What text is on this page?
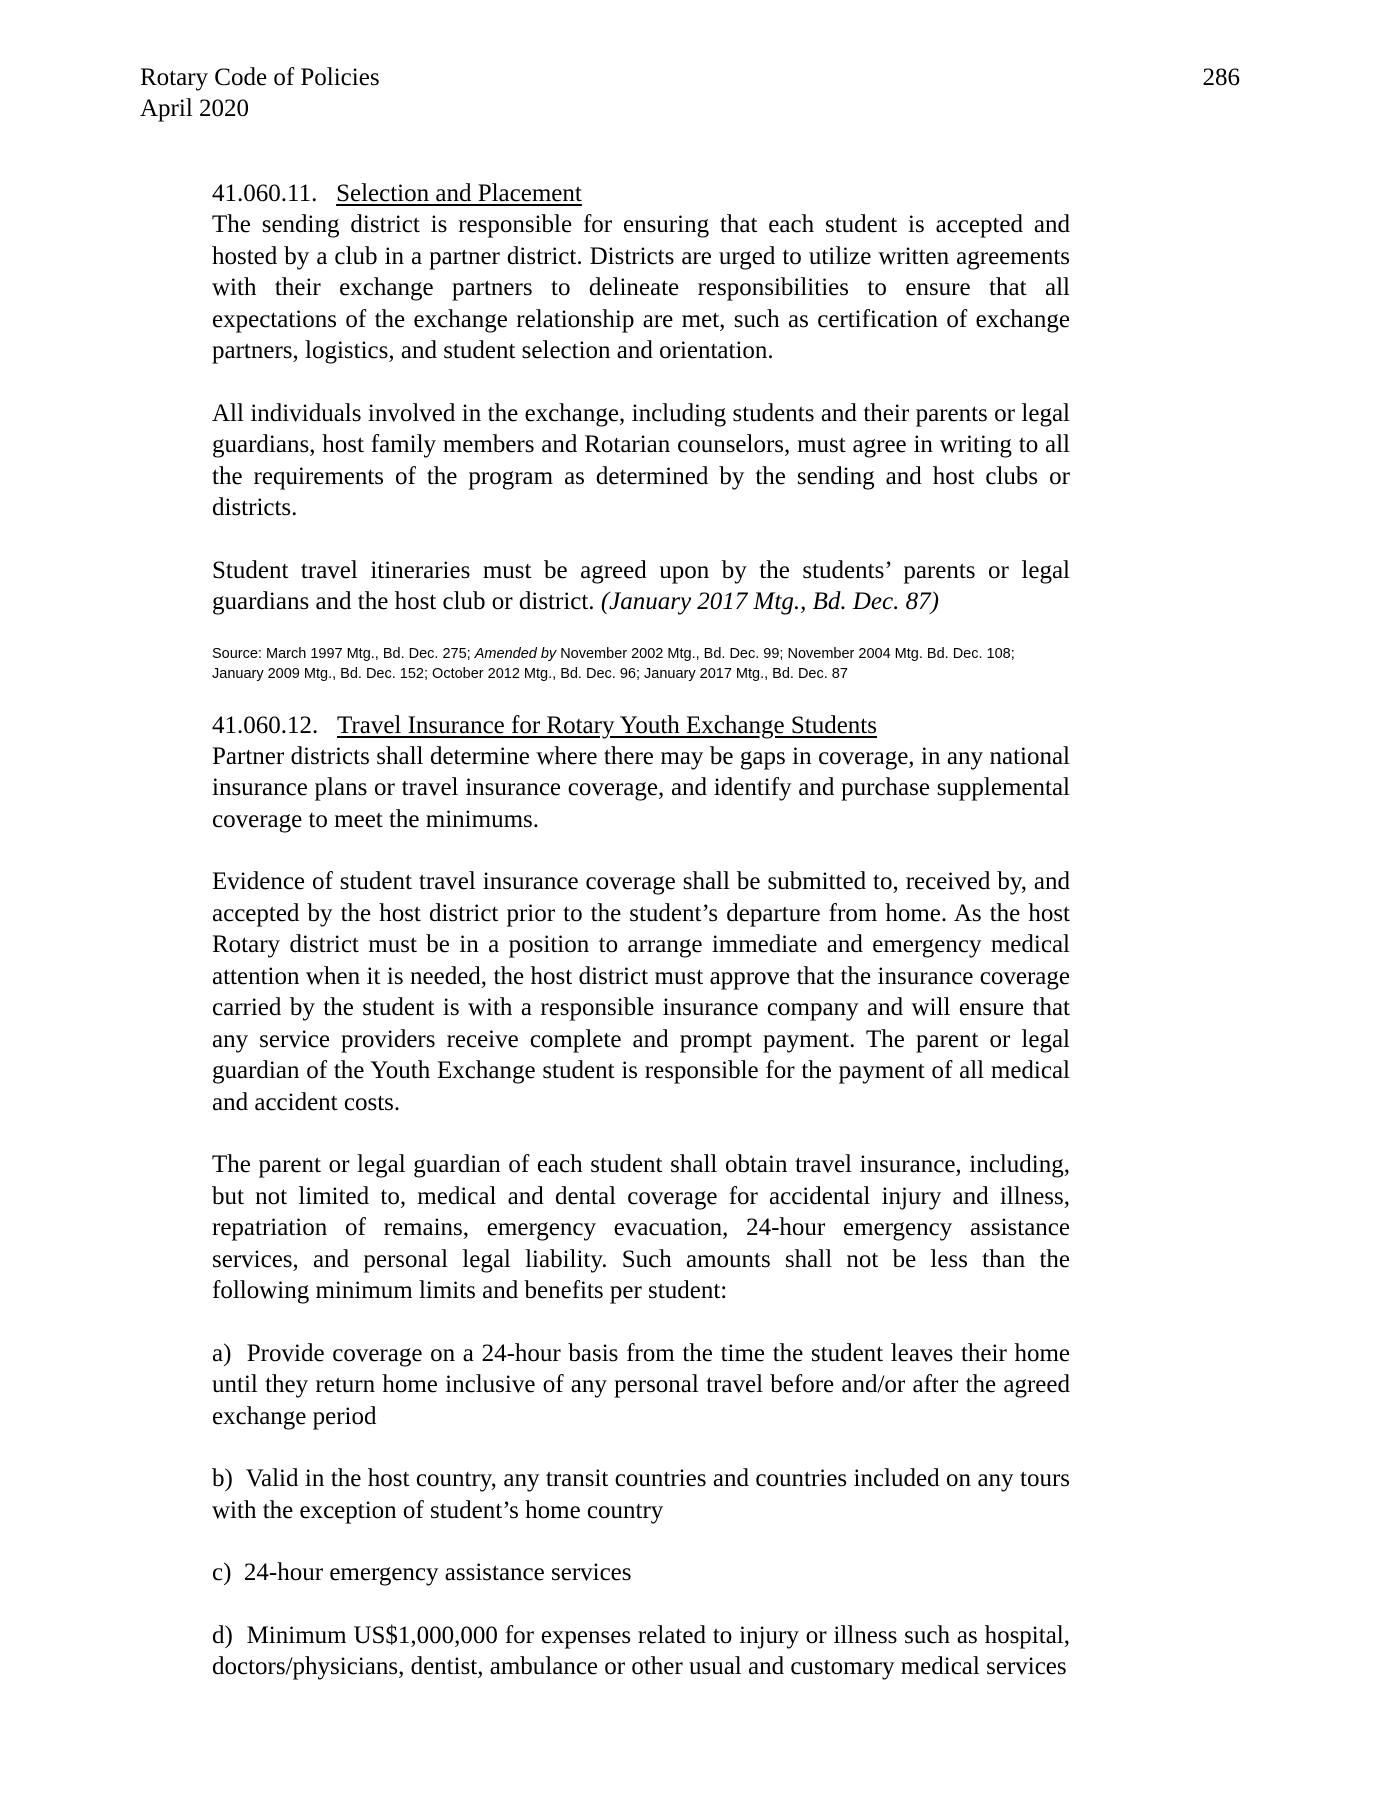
Rotary Code of Policies
April 2020
286
41.060.11. Selection and Placement

The sending district is responsible for ensuring that each student is accepted and hosted by a club in a partner district. Districts are urged to utilize written agreements with their exchange partners to delineate responsibilities to ensure that all expectations of the exchange relationship are met, such as certification of exchange partners, logistics, and student selection and orientation.

All individuals involved in the exchange, including students and their parents or legal guardians, host family members and Rotarian counselors, must agree in writing to all the requirements of the program as determined by the sending and host clubs or districts.

Student travel itineraries must be agreed upon by the students’ parents or legal guardians and the host club or district. (January 2017 Mtg., Bd. Dec. 87)

Source: March 1997 Mtg., Bd. Dec. 275; Amended by November 2002 Mtg., Bd. Dec. 99; November 2004 Mtg. Bd. Dec. 108; January 2009 Mtg., Bd. Dec. 152; October 2012 Mtg., Bd. Dec. 96; January 2017 Mtg., Bd. Dec. 87

41.060.12. Travel Insurance for Rotary Youth Exchange Students

Partner districts shall determine where there may be gaps in coverage, in any national insurance plans or travel insurance coverage, and identify and purchase supplemental coverage to meet the minimums.

Evidence of student travel insurance coverage shall be submitted to, received by, and accepted by the host district prior to the student’s departure from home. As the host Rotary district must be in a position to arrange immediate and emergency medical attention when it is needed, the host district must approve that the insurance coverage carried by the student is with a responsible insurance company and will ensure that any service providers receive complete and prompt payment. The parent or legal guardian of the Youth Exchange student is responsible for the payment of all medical and accident costs.

The parent or legal guardian of each student shall obtain travel insurance, including, but not limited to, medical and dental coverage for accidental injury and illness, repatriation of remains, emergency evacuation, 24-hour emergency assistance services, and personal legal liability. Such amounts shall not be less than the following minimum limits and benefits per student:

a) Provide coverage on a 24-hour basis from the time the student leaves their home until they return home inclusive of any personal travel before and/or after the agreed exchange period

b) Valid in the host country, any transit countries and countries included on any tours with the exception of student’s home country

c) 24-hour emergency assistance services

d) Minimum US$1,000,000 for expenses related to injury or illness such as hospital, doctors/physicians, dentist, ambulance or other usual and customary medical services
